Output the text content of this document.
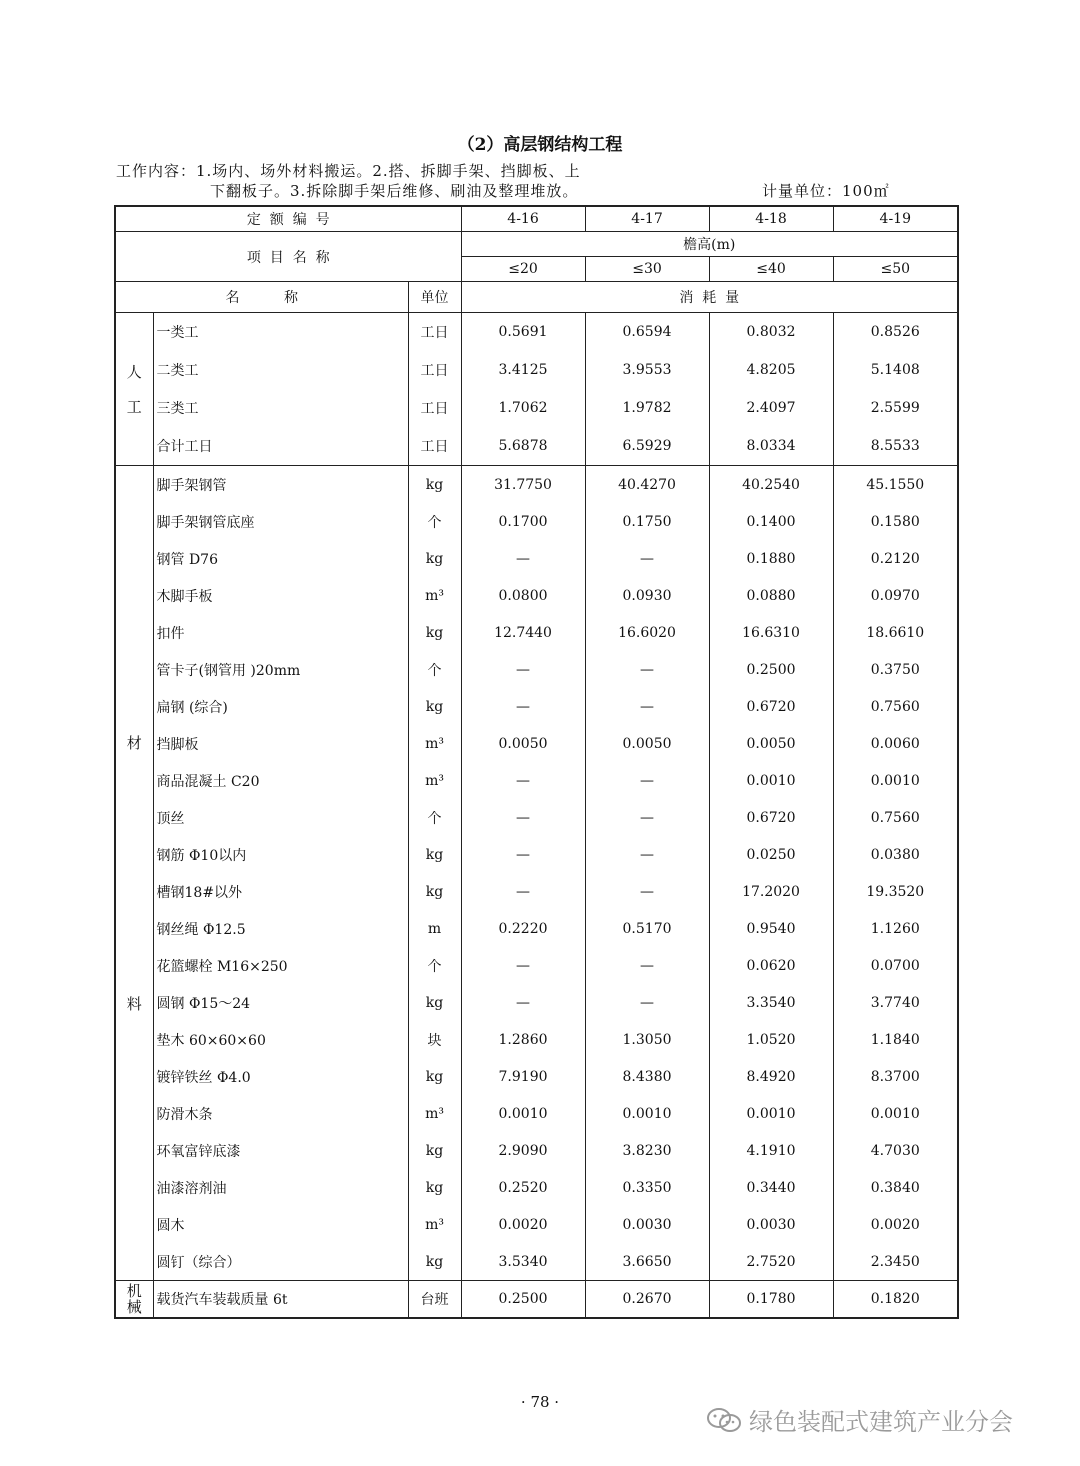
（2）高层钢结构工程
工作内容：1.场内、场外材料搬运。2.搭、拆脚手架、挡脚板、上
下翻板子。3.拆除脚手架后维修、刷油及整理堆放。	计量单位：100㎡
定  额  编  号			4-16	4-17	4-18	4-19
项  目  名  称			檐高(m)			
			≤20	≤30	≤40	≤50
名          称		单位	消  耗  量			

人
工	一类工	工日	0.5691	0.6594	0.8032	0.8526
	二类工	工日	3.4125	3.9553	4.8205	5.1408
	三类工	工日	1.7062	1.9782	2.4097	2.5599
	合计工日	工日	5.6878	6.5929	8.0334	8.5533

材
料	脚手架钢管	kg	31.7750	40.4270	40.2540	45.1550
	脚手架钢管底座	个	0.1700	0.1750	0.1400	0.1580
	钢管 D76	kg	—	—	0.1880	0.2120
	木脚手板	m³	0.0800	0.0930	0.0880	0.0970
	扣件	kg	12.7440	16.6020	16.6310	18.6610
	管卡子(钢管用 )20mm	个	—	—	0.2500	0.3750
	扁钢 (综合)	kg	—	—	0.6720	0.7560
	挡脚板	m³	0.0050	0.0050	0.0050	0.0060
	商品混凝土 C20	m³	—	—	0.0010	0.0010
	顶丝	个	—	—	0.6720	0.7560
	钢筋 Φ10以内	kg	—	—	0.0250	0.0380
	槽钢18#以外	kg	—	—	17.2020	19.3520
	钢丝绳 Φ12.5	m	0.2220	0.5170	0.9540	1.1260
	花篮螺栓 M16×250	个	—	—	0.0620	0.0700
	圆钢 Φ15～24	kg	—	—	3.3540	3.7740
	垫木 60×60×60	块	1.2860	1.3050	1.0520	1.1840
	镀锌铁丝 Φ4.0	kg	7.9190	8.4380	8.4920	8.3700
	防滑木条	m³	0.0010	0.0010	0.0010	0.0010
	环氧富锌底漆	kg	2.9090	3.8230	4.1910	4.7030
	油漆溶剂油	kg	0.2520	0.3350	0.3440	0.3840
	圆木	m³	0.0020	0.0030	0.0030	0.0020
	圆钉（综合）	kg	3.5340	3.6650	2.7520	2.3450

机械	载货汽车装载质量 6t	台班	0.2500	0.2670	0.1780	0.1820
· 78 ·
绿色装配式建筑产业分会
